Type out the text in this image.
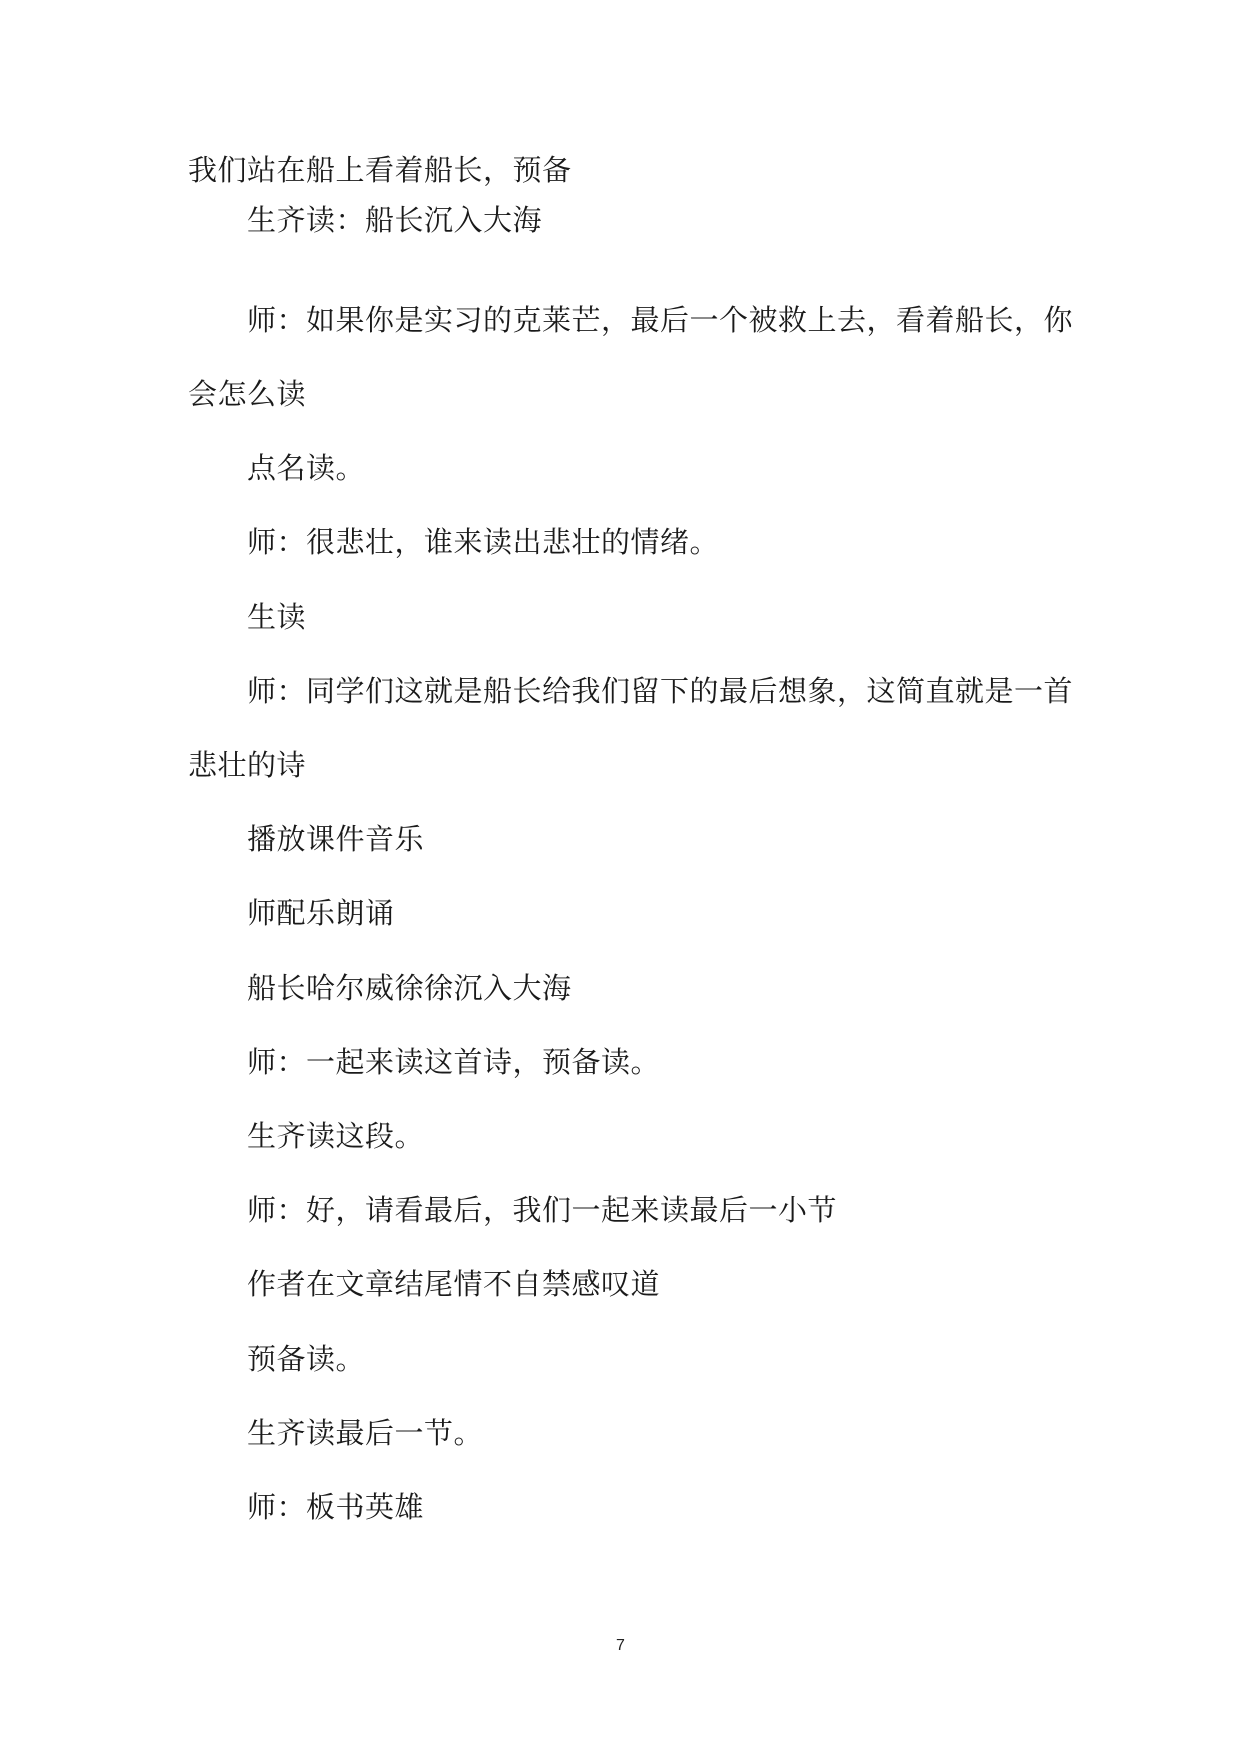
我们站在船上看着船长，预备
生齐读：船长沉入大海
师：如果你是实习的克莱芒，最后一个被救上去，看着船长，你
会怎么读
点名读。
师：很悲壮，谁来读出悲壮的情绪。
生读
师：同学们这就是船长给我们留下的最后想象，这简直就是一首
悲壮的诗
播放课件音乐
师配乐朗诵
船长哈尔威徐徐沉入大海
师：一起来读这首诗，预备读。
生齐读这段。
师：好，请看最后，我们一起来读最后一小节
作者在文章结尾情不自禁感叹道
预备读。
生齐读最后一节。
师：板书英雄
7
